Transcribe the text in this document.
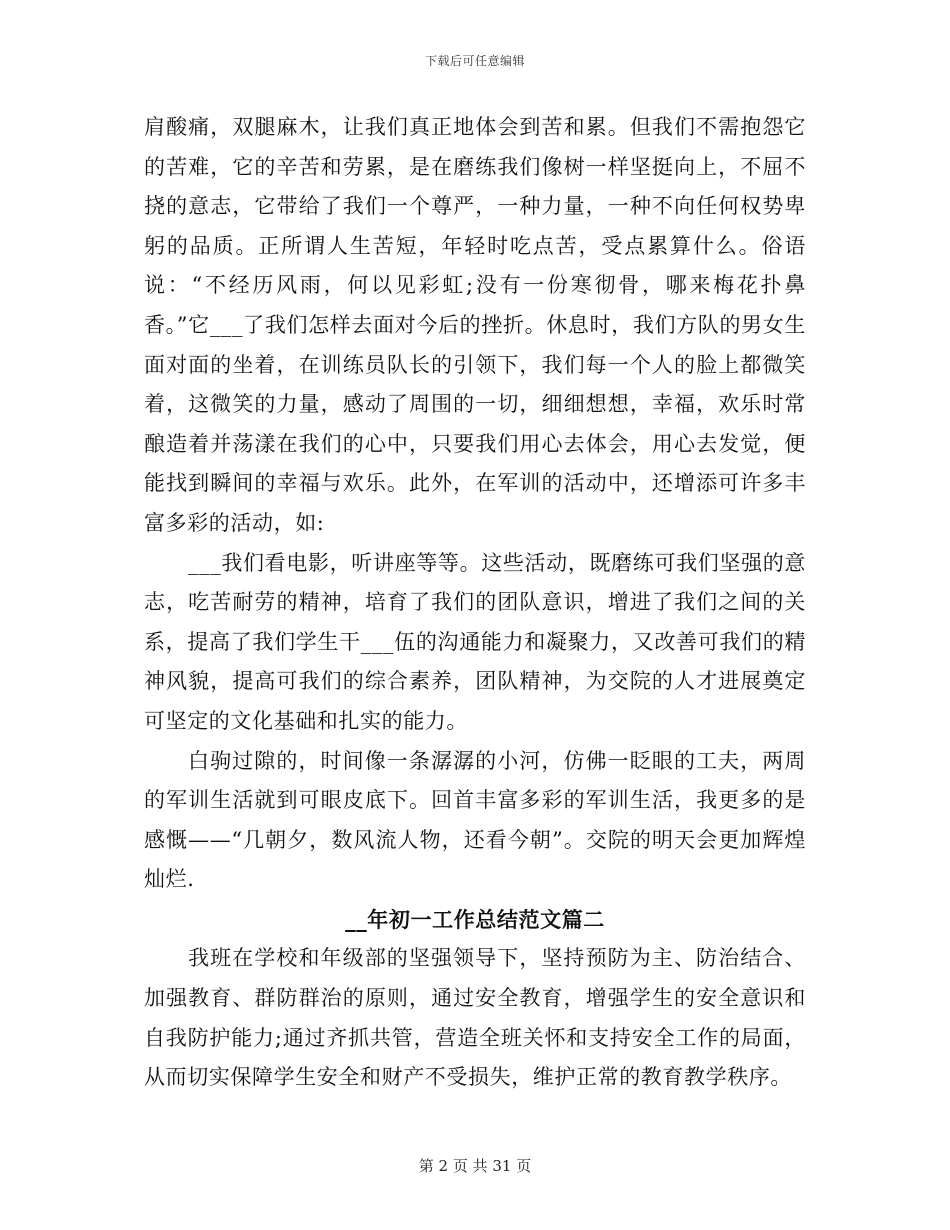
下载后可任意编辑

肩酸痛，双腿麻木，让我们真正地体会到苦和累。但我们不需抱怨它的苦难，它的辛苦和劳累，是在磨练我们像树一样坚挺向上，不屈不挠的意志，它带给了我们一个尊严，一种力量，一种不向任何权势卑躬的品质。正所谓人生苦短，年轻时吃点苦，受点累算什么。俗语说：“不经历风雨，何以见彩虹;没有一份寒彻骨，哪来梅花扑鼻香。”它___了我们怎样去面对今后的挫折。休息时，我们方队的男女生面对面的坐着，在训练员队长的引领下，我们每一个人的脸上都微笑着，这微笑的力量，感动了周围的一切，细细想想，幸福，欢乐时常酿造着并荡漾在我们的心中，只要我们用心去体会，用心去发觉，便能找到瞬间的幸福与欢乐。此外，在军训的活动中，还增添可许多丰富多彩的活动，如:

___我们看电影，听讲座等等。这些活动，既磨练可我们坚强的意志，吃苦耐劳的精神，培育了我们的团队意识，增进了我们之间的关系，提高了我们学生干___伍的沟通能力和凝聚力，又改善可我们的精神风貌，提高可我们的综合素养，团队精神，为交院的人才进展奠定可坚定的文化基础和扎实的能力。

白驹过隙的，时间像一条潺潺的小河，仿佛一眨眼的工夫，两周的军训生活就到可眼皮底下。回首丰富多彩的军训生活，我更多的是感慨——“几朝夕，数风流人物，还看今朝”。交院的明天会更加辉煌灿烂.

__年初一工作总结范文篇二

我班在学校和年级部的坚强领导下，坚持预防为主、防治结合、加强教育、群防群治的原则，通过安全教育，增强学生的安全意识和自我防护能力;通过齐抓共管，营造全班关怀和支持安全工作的局面，从而切实保障学生安全和财产不受损失，维护正常的教育教学秩序。

第 2 页 共 31 页
